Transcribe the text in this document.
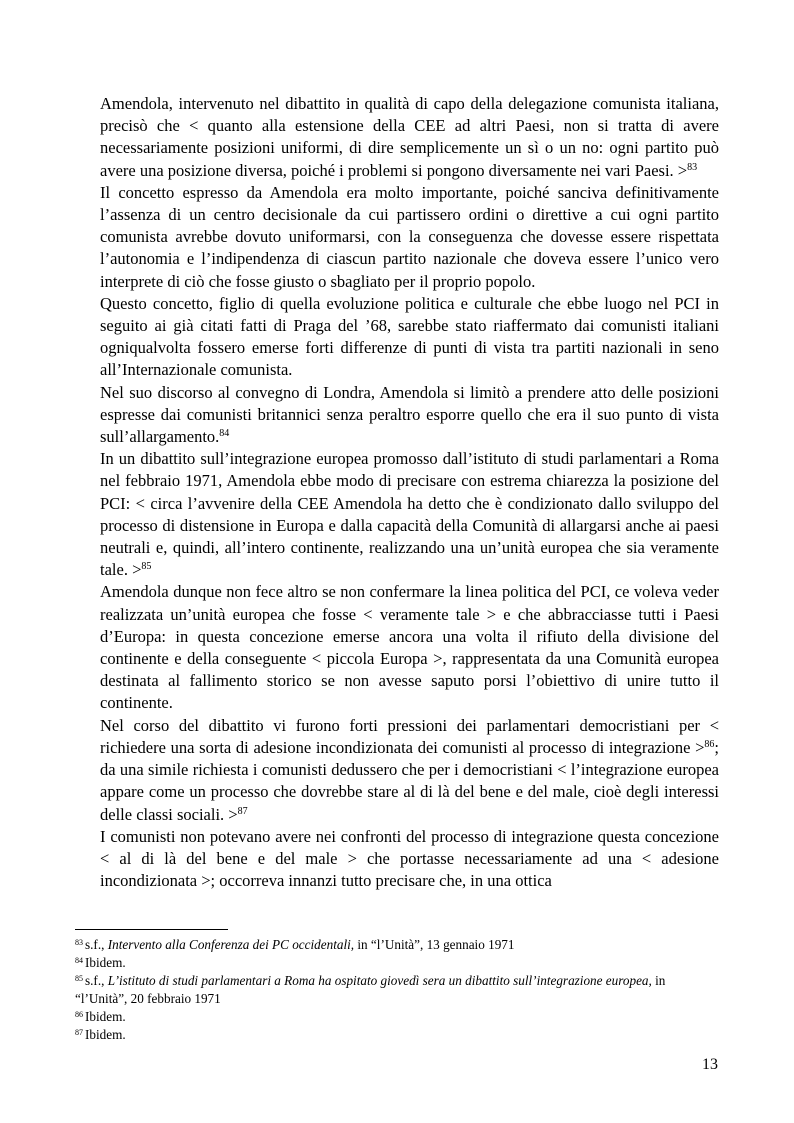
Amendola, intervenuto nel dibattito in qualità di capo della delegazione comunista italiana, precisò che < quanto alla estensione della CEE ad altri Paesi, non si tratta di avere necessariamente posizioni uniformi, di dire semplicemente un sì o un no: ogni partito può avere una posizione diversa, poiché i problemi si pongono diversamente nei vari Paesi. >$^{83}$

Il concetto espresso da Amendola era molto importante, poiché sanciva definitivamente l’assenza di un centro decisionale da cui partissero ordini o direttive a cui ogni partito comunista avrebbe dovuto uniformarsi, con la conseguenza che dovesse essere rispettata l’autonomia e l’indipendenza di ciascun partito nazionale che doveva essere l’unico vero interprete di ciò che fosse giusto o sbagliato per il proprio popolo.

Questo concetto, figlio di quella evoluzione politica e culturale che ebbe luogo nel PCI in seguito ai già citati fatti di Praga del ’68, sarebbe stato riaffermato dai comunisti italiani ogniqualvolta fossero emerse forti differenze di punti di vista tra partiti nazionali in seno all’Internazionale comunista.

Nel suo discorso al convegno di Londra, Amendola si limitò a prendere atto delle posizioni espresse dai comunisti britannici senza peraltro esporre quello che era il suo punto di vista sull’allargamento.$^{84}$

In un dibattito sull’integrazione europea promosso dall’istituto di studi parlamentari a Roma nel febbraio 1971, Amendola ebbe modo di precisare con estrema chiarezza la posizione del PCI: < circa l’avvenire della CEE Amendola ha detto che è condizionato dallo sviluppo del processo di distensione in Europa e dalla capacità della Comunità di allargarsi anche ai paesi neutrali e, quindi, all’intero continente, realizzando una un’unità europea che sia veramente tale. >$^{85}$

Amendola dunque non fece altro se non confermare la linea politica del PCI, ce voleva veder realizzata un’unità europea che fosse < veramente tale > e che abbracciasse tutti i Paesi d’Europa: in questa concezione emerse ancora una volta il rifiuto della divisione del continente e della conseguente < piccola Europa >, rappresentata da una Comunità europea destinata al fallimento storico se non avesse saputo porsi l’obiettivo di unire tutto il continente.

Nel corso del dibattito vi furono forti pressioni dei parlamentari democristiani per < richiedere una sorta di adesione incondizionata dei comunisti al processo di integrazione >$^{86}$; da una simile richiesta i comunisti dedussero che per i democristiani < l’integrazione europea appare come un processo che dovrebbe stare al di là del bene e del male, cioè degli interessi delle classi sociali. >$^{87}$

I comunisti non potevano avere nei confronti del processo di integrazione questa concezione < al di là del bene e del male > che portasse necessariamente ad una < adesione incondizionata >; occorreva innanzi tutto precisare che, in una ottica

$^{83}$ s.f., Intervento alla Conferenza dei PC occidentali, in “l’Unità”, 13 gennaio 1971

$^{84}$ Ibidem.

$^{85}$ s.f., L’istituto di studi parlamentari a Roma ha ospitato giovedì sera un dibattito sull’integrazione europea, in “l’Unità”, 20 febbraio 1971

$^{86}$ Ibidem.

$^{87}$ Ibidem.

13
